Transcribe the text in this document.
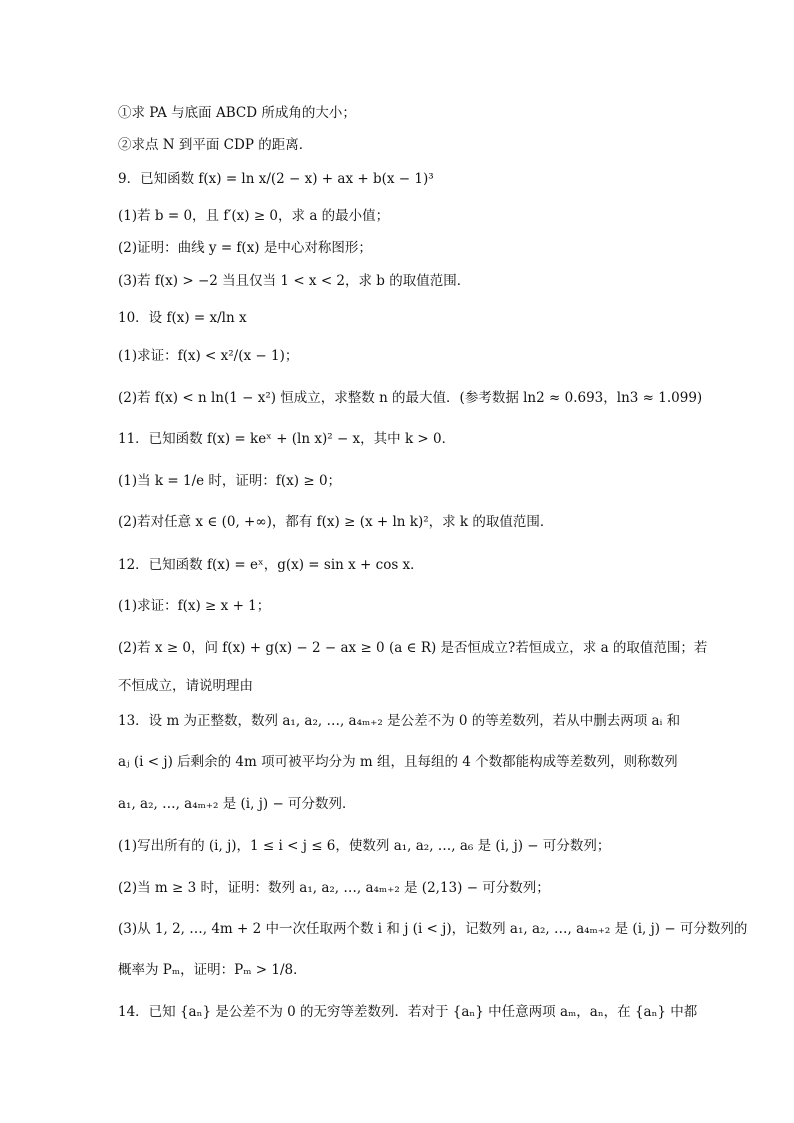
①求 PA 与底面 ABCD 所成角的大小；
②求点 N 到平面 CDP 的距离．
9．已知函数 f(x) = ln x/(2 − x) + ax + b(x − 1)³
(1)若 b = 0，且 f′(x) ≥ 0，求 a 的最小值；
(2)证明：曲线 y = f(x) 是中心对称图形；
(3)若 f(x) > −2 当且仅当 1 < x < 2，求 b 的取值范围．
10．设 f(x) = x/ln x
(1)求证：f(x) < x²/(x − 1)；
(2)若 f(x) < n ln(1 − x²) 恒成立，求整数 n 的最大值．(参考数据 ln2 ≈ 0.693，ln3 ≈ 1.099)
11．已知函数 f(x) = keˣ + (ln x)² − x，其中 k > 0．
(1)当 k = 1/e 时，证明：f(x) ≥ 0；
(2)若对任意 x ∈ (0, +∞)，都有 f(x) ≥ (x + ln k)²，求 k 的取值范围．
12．已知函数 f(x) = eˣ，g(x) = sin x + cos x．
(1)求证：f(x) ≥ x + 1；
(2)若 x ≥ 0，问 f(x) + g(x) − 2 − ax ≥ 0 (a ∈ R) 是否恒成立?若恒成立，求 a 的取值范围；若
不恒成立，请说明理由
13．设 m 为正整数，数列 a₁, a₂, …, a₄ₘ₊₂ 是公差不为 0 的等差数列，若从中删去两项 aᵢ 和
aⱼ (i < j) 后剩余的 4m 项可被平均分为 m 组，且每组的 4 个数都能构成等差数列，则称数列
a₁, a₂, …, a₄ₘ₊₂ 是 (i, j) − 可分数列．
(1)写出所有的 (i, j)，1 ≤ i < j ≤ 6，使数列 a₁, a₂, …, a₆ 是 (i, j) − 可分数列；
(2)当 m ≥ 3 时，证明：数列 a₁, a₂, …, a₄ₘ₊₂ 是 (2,13) − 可分数列；
(3)从 1, 2, …, 4m + 2 中一次任取两个数 i 和 j (i < j)，记数列 a₁, a₂, …, a₄ₘ₊₂ 是 (i, j) − 可分数列的
概率为 Pₘ，证明：Pₘ > 1/8．
14．已知 {aₙ} 是公差不为 0 的无穷等差数列．若对于 {aₙ} 中任意两项 aₘ，aₙ，在 {aₙ} 中都
